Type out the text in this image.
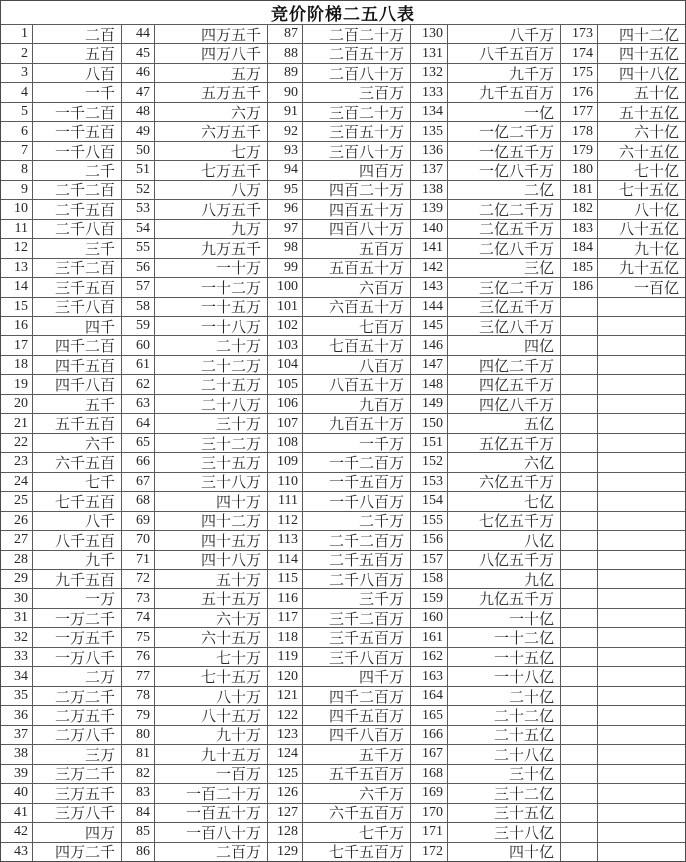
竞价阶梯二五八表
1	二百	44	四万五千	87	二百二十万	130	八千万	173	四十二亿
2	五百	45	四万八千	88	二百五十万	131	八千五百万	174	四十五亿
3	八百	46	五万	89	二百八十万	132	九千万	175	四十八亿
4	一千	47	五万五千	90	三百万	133	九千五百万	176	五十亿
5	一千二百	48	六万	91	三百二十万	134	一亿	177	五十五亿
6	一千五百	49	六万五千	92	三百五十万	135	一亿二千万	178	六十亿
7	一千八百	50	七万	93	三百八十万	136	一亿五千万	179	六十五亿
8	二千	51	七万五千	94	四百万	137	一亿八千万	180	七十亿
9	二千二百	52	八万	95	四百二十万	138	二亿	181	七十五亿
10	二千五百	53	八万五千	96	四百五十万	139	二亿二千万	182	八十亿
11	二千八百	54	九万	97	四百八十万	140	二亿五千万	183	八十五亿
12	三千	55	九万五千	98	五百万	141	二亿八千万	184	九十亿
13	三千二百	56	一十万	99	五百五十万	142	三亿	185	九十五亿
14	三千五百	57	一十二万	100	六百万	143	三亿二千万	186	一百亿
15	三千八百	58	一十五万	101	六百五十万	144	三亿五千万
16	四千	59	一十八万	102	七百万	145	三亿八千万
17	四千二百	60	二十万	103	七百五十万	146	四亿
18	四千五百	61	二十二万	104	八百万	147	四亿二千万
19	四千八百	62	二十五万	105	八百五十万	148	四亿五千万
20	五千	63	二十八万	106	九百万	149	四亿八千万
21	五千五百	64	三十万	107	九百五十万	150	五亿
22	六千	65	三十二万	108	一千万	151	五亿五千万
23	六千五百	66	三十五万	109	一千二百万	152	六亿
24	七千	67	三十八万	110	一千五百万	153	六亿五千万
25	七千五百	68	四十万	111	一千八百万	154	七亿
26	八千	69	四十二万	112	二千万	155	七亿五千万
27	八千五百	70	四十五万	113	二千二百万	156	八亿
28	九千	71	四十八万	114	二千五百万	157	八亿五千万
29	九千五百	72	五十万	115	二千八百万	158	九亿
30	一万	73	五十五万	116	三千万	159	九亿五千万
31	一万二千	74	六十万	117	三千二百万	160	一十亿
32	一万五千	75	六十五万	118	三千五百万	161	一十二亿
33	一万八千	76	七十万	119	三千八百万	162	一十五亿
34	二万	77	七十五万	120	四千万	163	一十八亿
35	二万二千	78	八十万	121	四千二百万	164	二十亿
36	二万五千	79	八十五万	122	四千五百万	165	二十二亿
37	二万八千	80	九十万	123	四千八百万	166	二十五亿
38	三万	81	九十五万	124	五千万	167	二十八亿
39	三万二千	82	一百万	125	五千五百万	168	三十亿
40	三万五千	83	一百二十万	126	六千万	169	三十二亿
41	三万八千	84	一百五十万	127	六千五百万	170	三十五亿
42	四万	85	一百八十万	128	七千万	171	三十八亿
43	四万二千	86	二百万	129	七千五百万	172	四十亿
